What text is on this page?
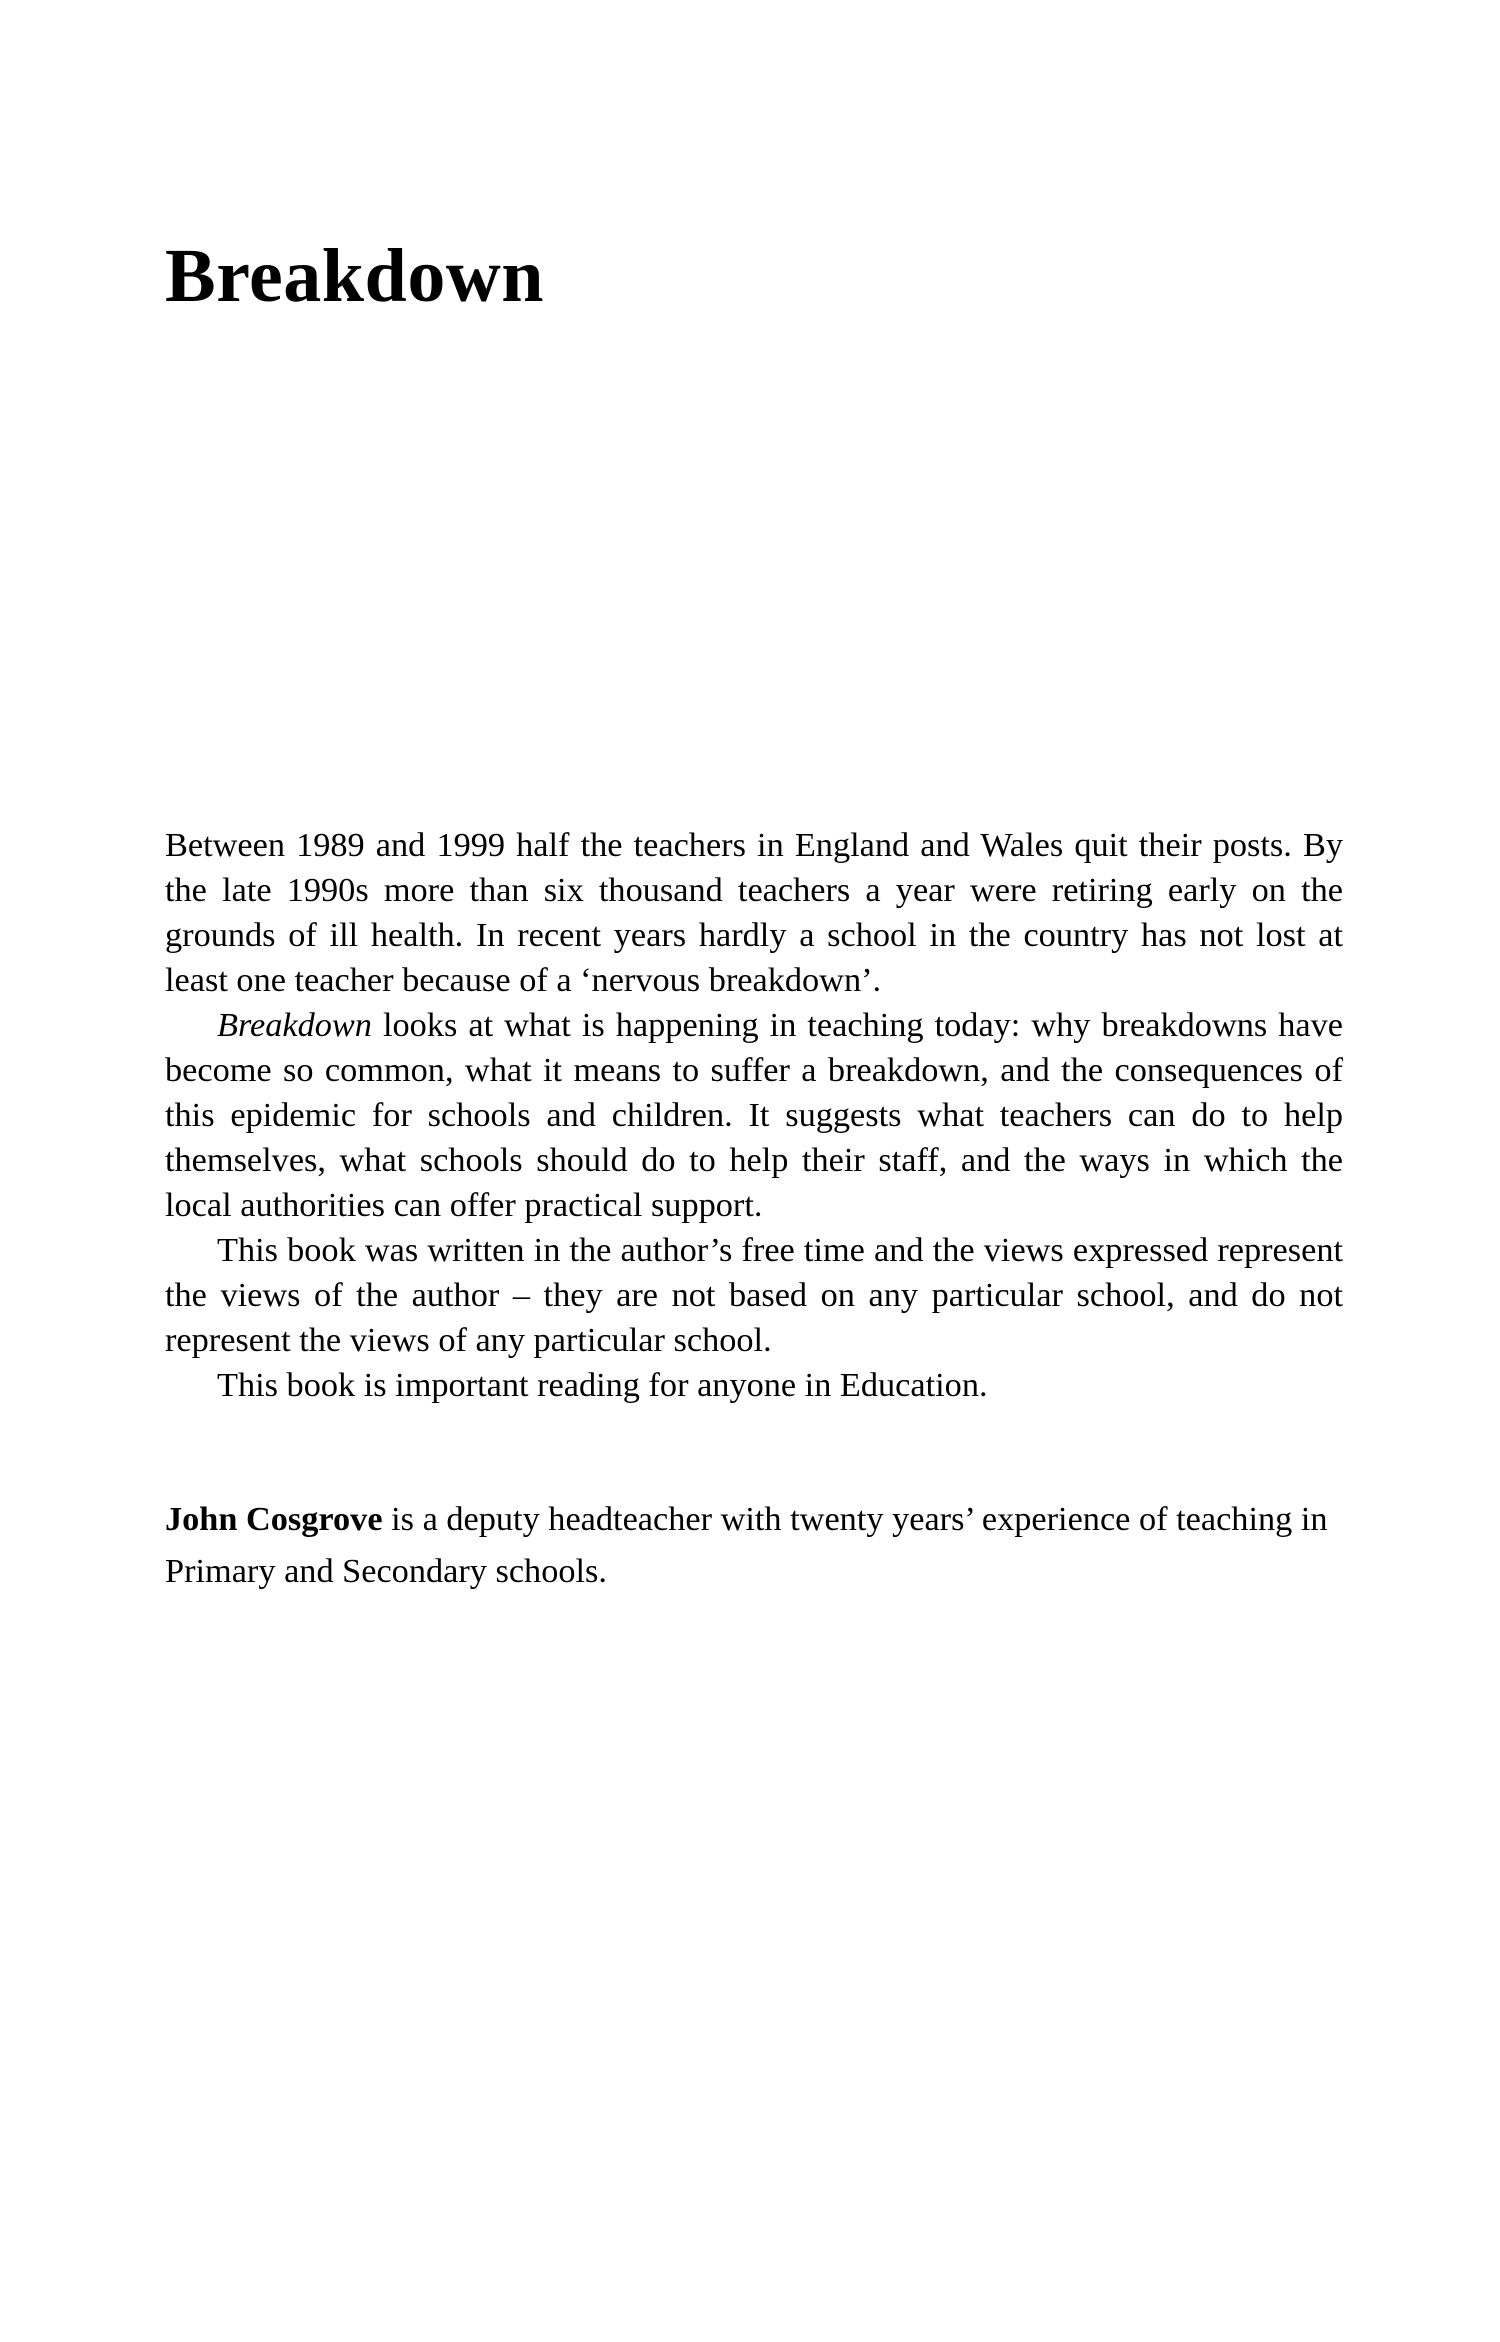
Breakdown

Between 1989 and 1999 half the teachers in England and Wales quit their posts. By the late 1990s more than six thousand teachers a year were retiring early on the grounds of ill health. In recent years hardly a school in the country has not lost at least one teacher because of a ‘nervous breakdown’.

Breakdown looks at what is happening in teaching today: why breakdowns have become so common, what it means to suffer a breakdown, and the consequences of this epidemic for schools and children. It suggests what teachers can do to help themselves, what schools should do to help their staff, and the ways in which the local authorities can offer practical support.

This book was written in the author’s free time and the views expressed represent the views of the author – they are not based on any particular school, and do not represent the views of any particular school.

This book is important reading for anyone in Education.

John Cosgrove is a deputy headteacher with twenty years’ experience of teaching in Primary and Secondary schools.
